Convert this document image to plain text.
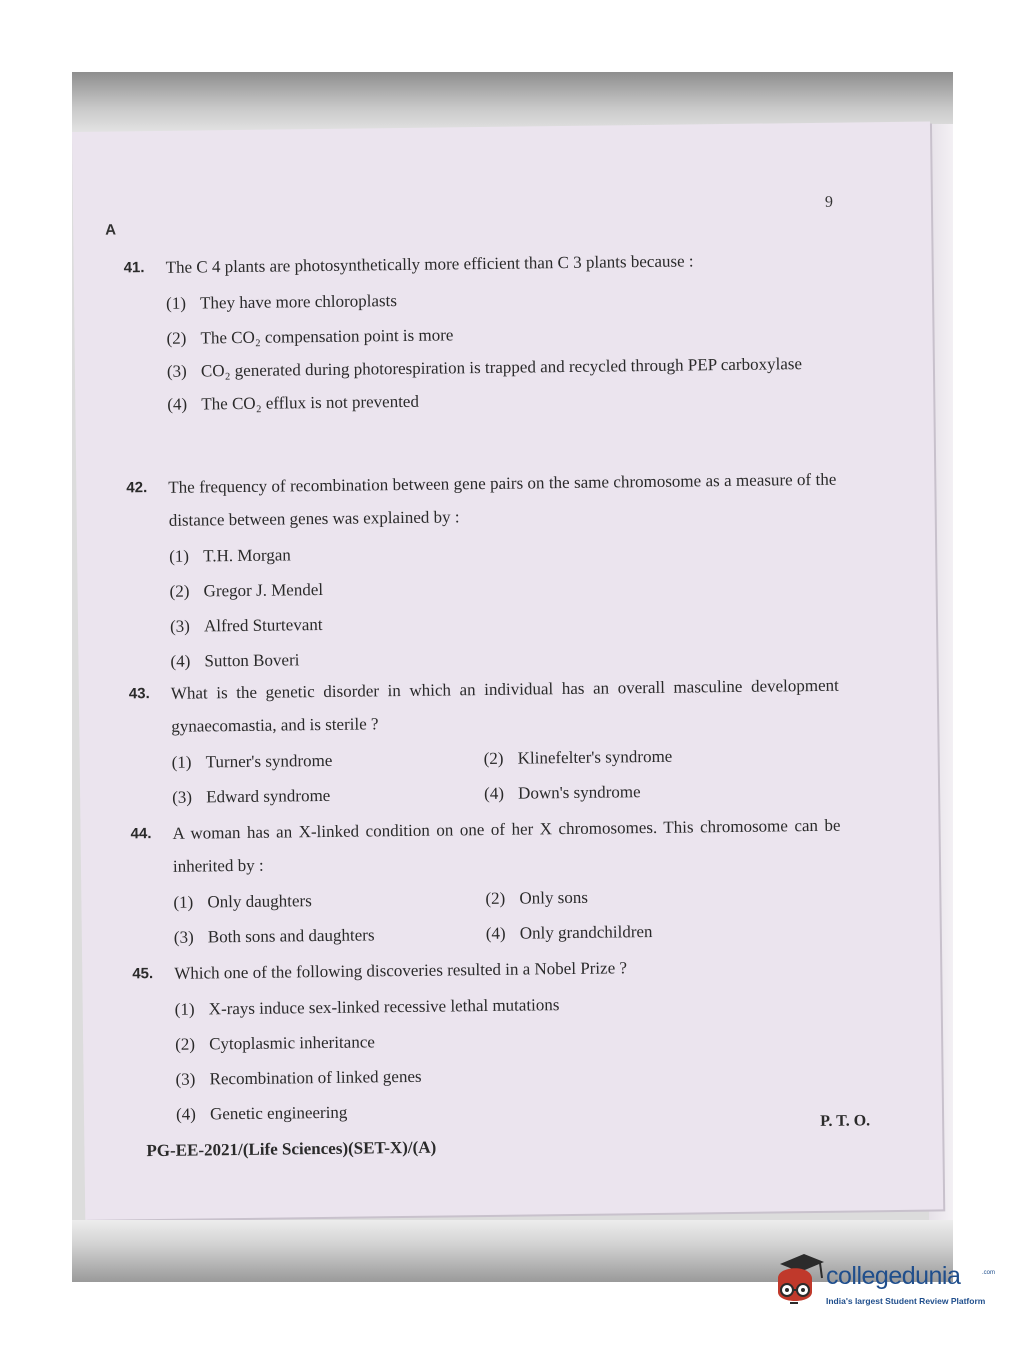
A
9
41. The C 4 plants are photosynthetically more efficient than C 3 plants because :
(1) They have more chloroplasts
(2) The CO₂ compensation point is more
(3) CO₂ generated during photorespiration is trapped and recycled through PEP carboxylase
(4) The CO₂ efflux is not prevented
42. The frequency of recombination between gene pairs on the same chromosome as a measure of the distance between genes was explained by :
(1) T.H. Morgan
(2) Gregor J. Mendel
(3) Alfred Sturtevant
(4) Sutton Boveri
43. What is the genetic disorder in which an individual has an overall masculine development gynaecomastia, and is sterile ?
(1) Turner's syndrome	(2) Klinefelter's syndrome
(3) Edward syndrome	(4) Down's syndrome
44. A woman has an X-linked condition on one of her X chromosomes. This chromosome can be inherited by :
(1) Only daughters	(2) Only sons
(3) Both sons and daughters	(4) Only grandchildren
45. Which one of the following discoveries resulted in a Nobel Prize ?
(1) X-rays induce sex-linked recessive lethal mutations
(2) Cytoplasmic inheritance
(3) Recombination of linked genes
(4) Genetic engineering	P. T. O.
PG-EE-2021/(Life Sciences)(SET-X)/(A)
collegedunia	.com
India's largest Student Review Platform
